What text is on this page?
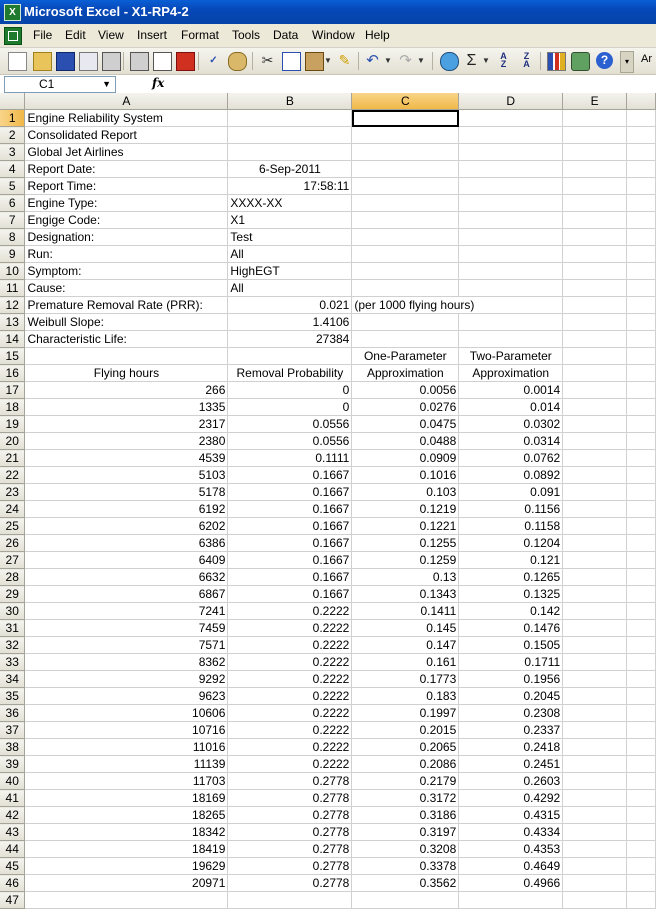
X Microsoft Excel - X1-RP4-2
File Edit View Insert Format Tools Data Window Help
✓	✂	▼ ✎ ↶ ▼ ↷ ▼	Σ ▼	A
Z
Z
A	?	▾	Ar
C1	▼	fx
	A	B	C	D	E	
1	Engine Reliability System					
2	Consolidated Report					
3	Global Jet Airlines					
4	Report Date:	6-Sep-2011				
5	Report Time:	17:58:11				
6	Engine Type:	XXXX-XX				
7	Engige Code:	X1				
8	Designation:	Test				
9	Run:	All				
10	Symptom:	HighEGT				
11	Cause:	All				
12	Premature Removal Rate (PRR):	0.021	(per 1000 flying hours)			
13	Weibull Slope:	1.4106				
14	Characteristic Life:	27384				
15			One-Parameter	Two-Parameter		
16	Flying hours	Removal Probability	Approximation	Approximation		
17	266	0	0.0056	0.0014		
18	1335	0	0.0276	0.014		
19	2317	0.0556	0.0475	0.0302		
20	2380	0.0556	0.0488	0.0314		
21	4539	0.1111	0.0909	0.0762		
22	5103	0.1667	0.1016	0.0892		
23	5178	0.1667	0.103	0.091		
24	6192	0.1667	0.1219	0.1156		
25	6202	0.1667	0.1221	0.1158		
26	6386	0.1667	0.1255	0.1204		
27	6409	0.1667	0.1259	0.121		
28	6632	0.1667	0.13	0.1265		
29	6867	0.1667	0.1343	0.1325		
30	7241	0.2222	0.1411	0.142		
31	7459	0.2222	0.145	0.1476		
32	7571	0.2222	0.147	0.1505		
33	8362	0.2222	0.161	0.1711		
34	9292	0.2222	0.1773	0.1956		
35	9623	0.2222	0.183	0.2045		
36	10606	0.2222	0.1997	0.2308		
37	10716	0.2222	0.2015	0.2337		
38	11016	0.2222	0.2065	0.2418		
39	11139	0.2222	0.2086	0.2451		
40	11703	0.2778	0.2179	0.2603		
41	18169	0.2778	0.3172	0.4292		
42	18265	0.2778	0.3186	0.4315		
43	18342	0.2778	0.3197	0.4334		
44	18419	0.2778	0.3208	0.4353		
45	19629	0.2778	0.3378	0.4649		
46	20971	0.2778	0.3562	0.4966		
47						
